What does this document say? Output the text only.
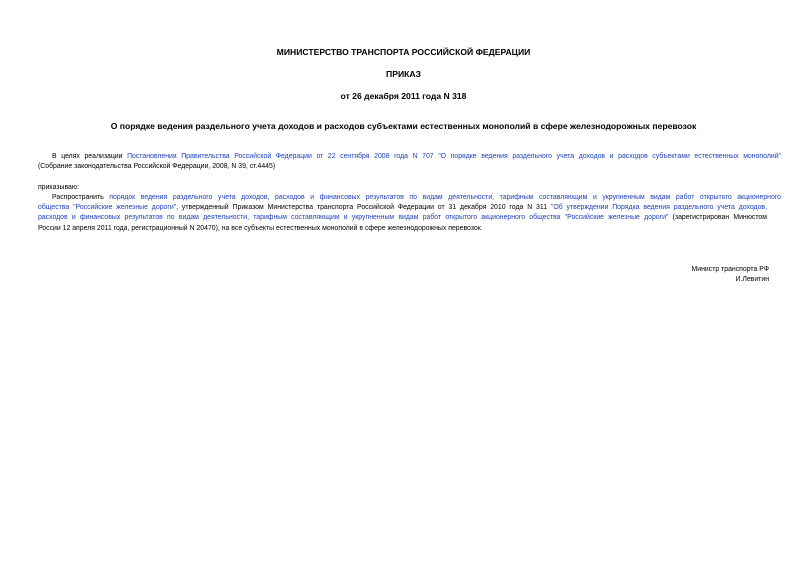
МИНИСТЕРСТВО ТРАНСПОРТА РОССИЙСКОЙ ФЕДЕРАЦИИ
ПРИКАЗ
от 26 декабря 2011 года N 318
О порядке ведения раздельного учета доходов и расходов субъектами естественных монополий в сфере железнодорожных перевозок
В целях реализации Постановления Правительства Российской Федерации от 22 сентября 2008 года N 707 "О порядке ведения раздельного учета доходов и расходов субъектами естественных монополий"
(Собрание законодательства Российской Федерации, 2008, N 39, ст.4445)
приказываю:
Распространить порядок ведения раздельного учета доходов, расходов и финансовых результатов по видам деятельности, тарифным составляющим и укрупненным видам работ открытого акционерного
общества "Российские железные дороги", утвержденный Приказом Министерства транспорта Российской Федерации от 31 декабря 2010 года N 311 "Об утверждении Порядка ведения раздельного учета доходов,
расходов и финансовых результатов по видам деятельности, тарифным составляющим и укрупненным видам работ открытого акционерного общества "Российские железные дороги" (зарегистрирован Минюстом
России 12 апреля 2011 года, регистрационный N 20470), на все субъекты естественных монополий в сфере железнодорожных перевозок.
Министр транспорта РФ
И.Левитин
